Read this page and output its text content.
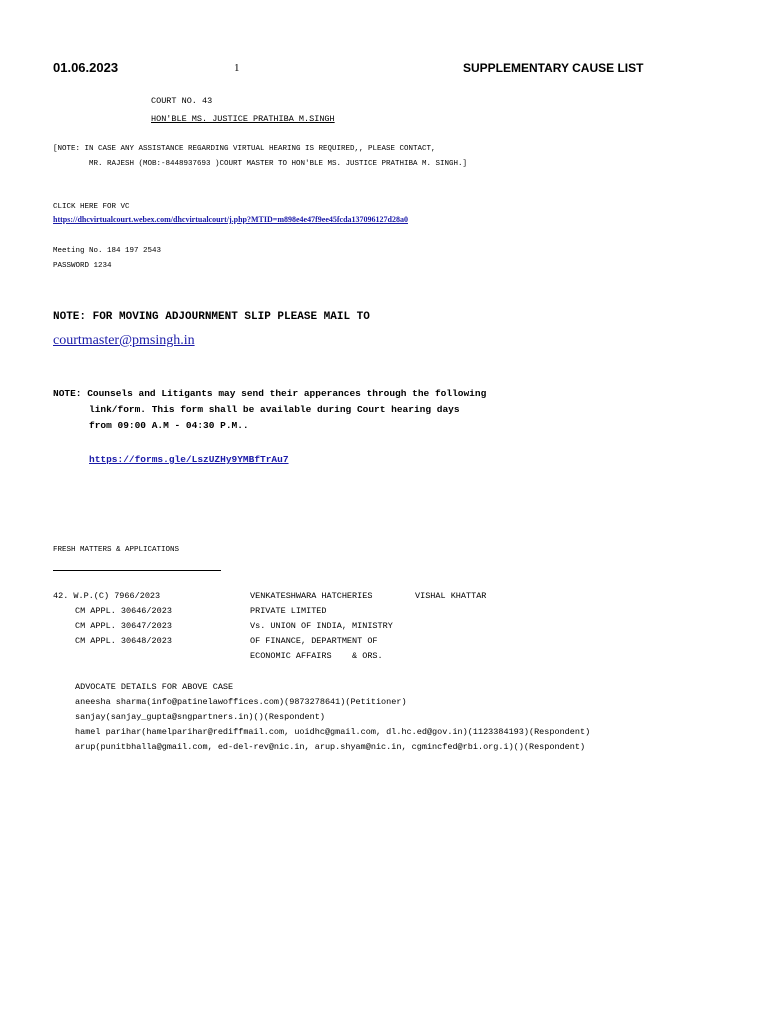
01.06.2023	1	SUPPLEMENTARY CAUSE LIST
COURT NO. 43
HON'BLE MS. JUSTICE PRATHIBA M.SINGH
[NOTE: IN CASE ANY ASSISTANCE REGARDING VIRTUAL HEARING IS REQUIRED,, PLEASE CONTACT,
MR. RAJESH (MOB:-8448937693 )COURT MASTER TO HON'BLE MS. JUSTICE PRATHIBA M. SINGH.]
CLICK HERE FOR VC
https://dhcvirtualcourt.webex.com/dhcvirtualcourt/j.php?MTID=m898e4e47f9ee45fcda137096127d28a0
Meeting No. 184 197 2543
PASSWORD 1234
NOTE: FOR MOVING ADJOURNMENT SLIP PLEASE MAIL TO
courtmaster@pmsingh.in
NOTE: Counsels and Litigants may send their apperances through the following
link/form. This form shall be available during Court hearing days
from 09:00 A.M - 04:30 P.M..
https://forms.gle/LszUZHy9YMBfTrAu7
FRESH MATTERS & APPLICATIONS
42. W.P.(C) 7966/2023
CM APPL. 30646/2023
CM APPL. 30647/2023
CM APPL. 30648/2023
VENKATESHWARA HATCHERIES
PRIVATE LIMITED
Vs. UNION OF INDIA, MINISTRY
OF FINANCE, DEPARTMENT OF
ECONOMIC AFFAIRS    & ORS.
VISHAL KHATTAR
ADVOCATE DETAILS FOR ABOVE CASE
aneesha sharma(info@patinelawoffices.com)(9873278641)(Petitioner)
sanjay(sanjay_gupta@sngpartners.in)()(Respondent)
hamel parihar(hamelparihar@rediffmail.com, uoidhc@gmail.com, dl.hc.ed@gov.in)(1123384193)(Respondent)
arup(punitbhalla@gmail.com, ed-del-rev@nic.in, arup.shyam@nic.in, cgmincfed@rbi.org.i)()(Respondent)
